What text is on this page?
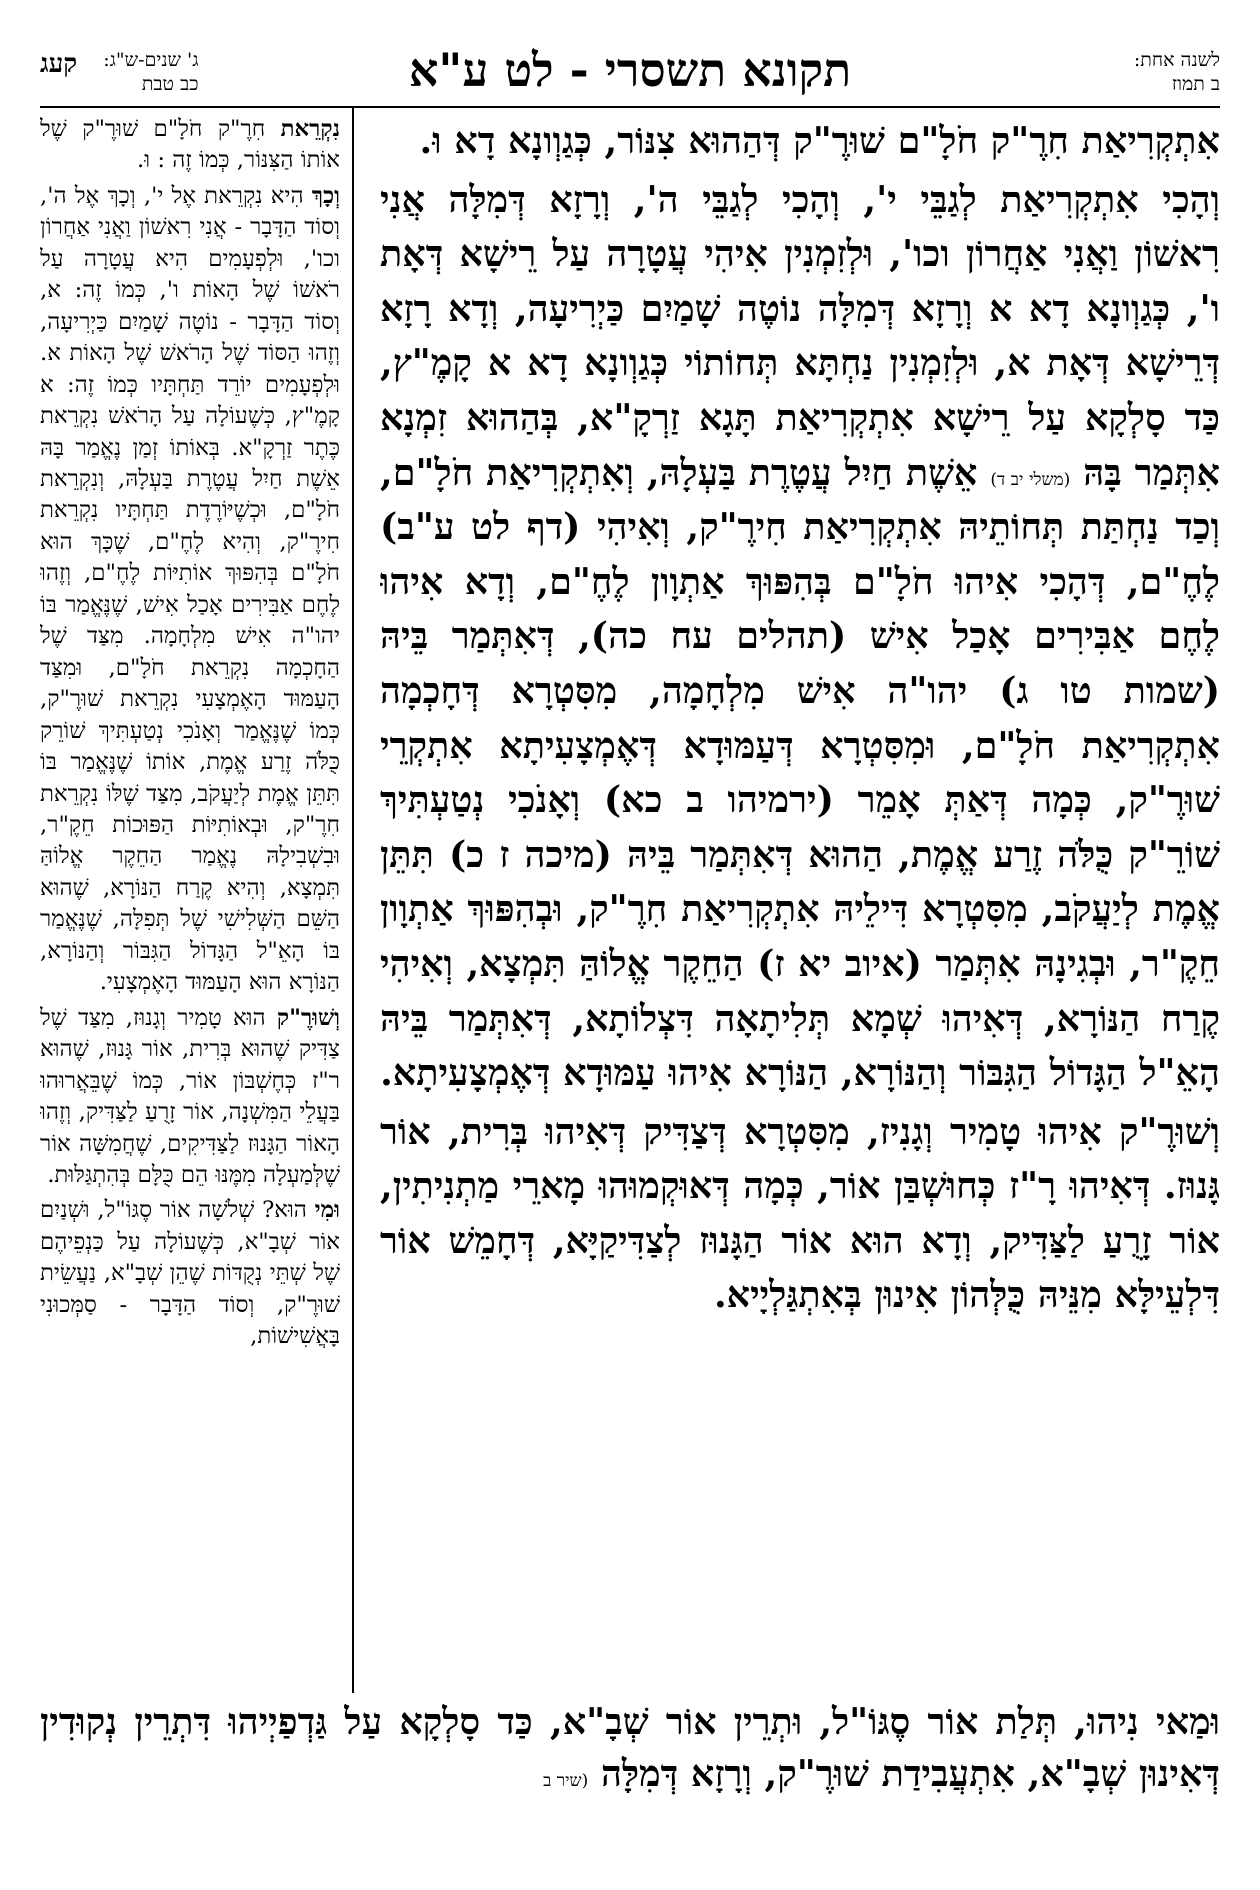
לשנה אחת:
ב תמוז
תקונא תשסרי - לט ע"א
קעג ג' שנים-ש"ג:
כב טבת

אִתְקְרִיאַת חִרֶ"ק חֹלָ"ם שׁוּרֶ"ק דְּהַהוּא צִנּוֹר, כְּגַוְונָא דָא וּ.

וְהָכִי אִתְקְרִיאַת לְגַבֵּי י', וְהָכִי לְגַבֵּי ה', וְרָזָא דְּמִלָּה אֲנִי רִאשׁוֹן וַאֲנִי אַחֲרוֹן וכו', וּלְזִמְנִין אִיהִי עֲטָרָה עַל רֵישָׁא דְּאָת ו', כְּגַוְונָא דָא א וְרָזָא דְּמִלָּה נוֹטֶה שָׁמַיִם כַּיְרִיעָה, וְדָא רָזָא דְּרֵישָׁא דְּאָת א, וּלְזִמְנִין נַחְתָּא תְּחוֹתוֹי כְּגַוְונָא דָא א קָמֶ"ץ, כַּד סָלְקָא עַל רֵישָׁא אִתְקְרִיאַת תָּגָא זַרְקָ"א, בְּהַהוּא זִמְנָא אִתְּמַר בָּהּ (משלי יב ד) אֵשֶׁת חַיִל עֲטֶרֶת בַּעְלָהּ, וְאִתְקְרִיאַת חֹלָ"ם, וְכַד נַחְתַּת תְּחוֹתֵיהּ אִתְקְרִיאַת חִירֶ"ק, וְאִיהִי (דף לט ע"ב) לֶחֶ"ם, דְּהָכִי אִיהוּ חֹלָ"ם בְּהִפּוּךְ אַתְוָון לֶחֶ"ם, וְדָא אִיהוּ לֶחֶם אַבִּירִים אָכַל אִישׁ (תהלים עח כה), דְּאִתְּמַר בֵּיהּ (שמות טו ג) יהו"ה אִישׁ מִלְחָמָה, מִסִּטְרָא דְּחָכְמָה אִתְקְרִיאַת חֹלָ"ם, וּמִסִּטְרָא דְּעַמּוּדָא דְּאֶמְצָעִיתָא אִתְקְרֵי שׁוּרֶ"ק, כְּמָה דְּאַתְּ אָמֵר (ירמיהו ב כא) וְאָנֹכִי נְטַעְתִּיךְ שׁוֹרֵ"ק כֻּלֹּה זֶרַע אֱמֶת, הַהוּא דְּאִתְּמַר בֵּיהּ (מיכה ז כ) תִּתֵּן אֱמֶת לְיַעֲקֹב, מִסִּטְרָא דִּילֵיהּ אִתְקְרִיאַת חִרֶ"ק, וּבְהִפּוּךְ אַתְוָון חֵקֶ"ר, וּבְגִינָהּ אִתְּמַר (איוב יא ז) הַחֵקֶר אֱלוֹהַּ תִּמְצָא, וְאִיהִי קֶרַח הַנּוֹרָא, דְּאִיהוּ שְׁמָא תְּלִיתָאָה דִּצְלוֹתָא, דְּאִתְּמַר בֵּיהּ הָאֵ"ל הַגָּדוֹל הַגִּבּוֹר וְהַנּוֹרָא, הַנּוֹרָא אִיהוּ עַמּוּדָא דְּאֶמְצָעִיתָא.

וְשׁוּרֶ"ק אִיהוּ טָמִיר וְגָנִיז, מִסִּטְרָא דְּצַדִּיק דְּאִיהוּ בְּרִית, אוֹר גָּנוּז. דְּאִיהוּ רָ"ז כְּחוּשְׁבַּן אוֹר, כְּמָה דְּאוּקְמוּהוּ מָארֵי מַתְנִיתִין, אוֹר זָרֻעַ לַצַּדִּיק, וְדָא הוּא אוֹר הַגָּנוּז לְצַדִּיקַיָּא, דְּחָמֵשׁ אוֹר דִּלְעֵילָּא מִנֵּיהּ כֻּלְּהוֹן אִינוּן בְּאִתְגַּלְיָיא.

נִקְרֵאת חִרֶ"ק חֹלָ"ם שׁוּרֶ"ק שֶׁל אוֹתוֹ הַצִּנּוֹר, כְּמוֹ זֶה : וּ.

וְכָךְ הִיא נִקְרֵאת אֶל י', וְכָךְ אֶל ה', וְסוֹד הַדָּבָר - אֲנִי רִאשׁוֹן וַאֲנִי אַחֲרוֹן וכו', וּלְפְעָמִים הִיא עֲטָרָה עַל רֹאשׁוֹ שֶׁל הָאוֹת ו', כְּמוֹ זֶה: א, וְסוֹד הַדָּבָר - נוֹטֶה שָׁמַיִם כַּיְרִיעָה, וְזֶהוּ הַסּוֹד שֶׁל הָרֹאשׁ שֶׁל הָאוֹת א. וּלְפְעָמִים יוֹרֵד תַּחְתָּיו כְּמוֹ זֶה: א קָמֶ"ץ, כְּשֶׁעוֹלָה עַל הָרֹאשׁ נִקְרֵאת כֶּתֶר זַרְקָ"א. בְּאוֹתוֹ זְמַן נֶאֱמַר בָּהּ אֵשֶׁת חַיִל עֲטֶרֶת בַּעְלָהּ, וְנִקְרֵאת חֹלָ"ם, וּכְשֶׁיּוֹרֶדֶת תַּחְתָּיו נִקְרֵאת חִירֶ"ק, וְהִיא לֶחֶ"ם, שֶׁכָּךְ הוּא חֹלָ"ם בְּהִפּוּךְ אוֹתִיּוֹת לֶחֶ"ם, וְזֶהוּ לֶחֶם אַבִּירִים אָכַל אִישׁ, שֶׁנֶּאֱמַר בּוֹ יהו"ה אִישׁ מִלְחָמָה. מִצַּד שֶׁל הַחָכְמָה נִקְרֵאת חֹלָ"ם, וּמִצַּד הָעַמּוּד הָאֶמְצָעִי נִקְרֵאת שׁוּרֶ"ק, כְּמוֹ שֶׁנֶּאֱמַר וְאָנֹכִי נְטַעְתִּיךְ שׁוֹרֵק כֻּלֹּה זֶרַע אֱמֶת, אוֹתוֹ שֶׁנֶּאֱמַר בּוֹ תִּתֵּן אֱמֶת לְיַעֲקֹב, מִצַּד שֶׁלּוֹ נִקְרֵאת חִרֶ"ק, וּבְאוֹתִיּוֹת הַפּוּכוֹת חֵקֶ"ר, וּבִשְׁבִילָהּ נֶאֱמַר הַחֵקֶר אֱלוֹהַּ תִּמְצָא, וְהִיא קֶרַח הַנּוֹרָא, שֶׁהוּא הַשֵּׁם הַשְּׁלִישִׁי שֶׁל תְּפִלָּה, שֶׁנֶּאֱמַר בּוֹ הָאֵ"ל הַגָּדוֹל הַגִּבּוֹר וְהַנּוֹרָא, הַנּוֹרָא הוּא הָעַמּוּד הָאֶמְצָעִי.

וְשׁוּרֶ"ק הוּא טָמִיר וְגָנוּז, מִצַּד שֶׁל צַדִּיק שֶׁהוּא בְּרִית, אוֹר גָּנוּז, שֶׁהוּא ר"ז כְּחֶשְׁבּוֹן אוֹר, כְּמוֹ שֶׁבֵּאֲרוּהוּ בַּעֲלֵי הַמִּשְׁנָה, אוֹר זָרֻעַ לַצַּדִּיק, וְזֶהוּ הָאוֹר הַגָּנוּז לַצַּדִּיקִים, שֶׁחֲמִשָּׁה אוֹר שֶׁלְּמַעְלָה מִמֶּנּוּ הֵם כֻּלָּם בְּהִתְגַּלּוּת.

וּמִי הוּא? שְׁלֹשָׁה אוֹר סֶגּוֹ"ל, וּשְׁנַיִם אוֹר שְׁבָ"א, כְּשֶׁעוֹלָה עַל כַּנְפֵיהֶם שֶׁל שְׁתֵּי נְקֻדּוֹת שֶׁהֵן שְׁבָ"א, נַעֲשֵׂית שׁוּרֶ"ק, וְסוֹד הַדָּבָר - סַמְּכוּנִי בָּאֲשִׁישׁוֹת,

וּמַאי נִיהוּ, תְּלַת אוֹר סֶגּוֹ"ל, וּתְרֵין אוֹר שְׁבָ"א, כַּד סָלְקָא עַל גַּדְפַיְיהוּ דִּתְרֵין נְקוּדִין דְּאִינוּן שְׁבָ"א, אִתְעֲבִידַת שׁוּרֶ"ק, וְרָזָא דְּמִלָּה (שיר ב
